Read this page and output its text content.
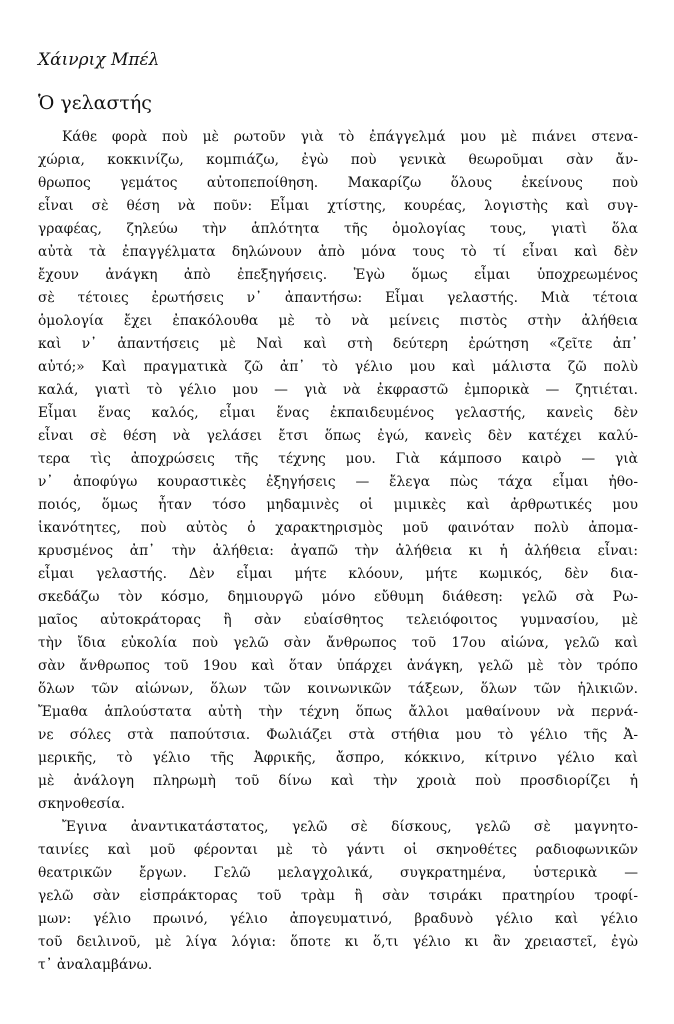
Χάινριχ Μπέλ
Ὁ γελαστής
Κάθε φορὰ ποὺ μὲ ρωτοῦν γιὰ τὸ ἐπάγγελμά μου μὲ πιάνει στενα-
χώρια, κοκκινίζω, κομπιάζω, ἐγὼ ποὺ γενικὰ θεωροῦμαι σὰν ἄν-
θρωπος γεμάτος αὐτοπεποίθηση. Μακαρίζω ὅλους ἐκείνους ποὺ
εἶναι σὲ θέση νὰ ποῦν: Εἶμαι χτίστης, κουρέας, λογιστὴς καὶ συγ-
γραφέας, ζηλεύω τὴν ἁπλότητα τῆς ὁμολογίας τους, γιατὶ ὅλα
αὐτὰ τὰ ἐπαγγέλματα δηλώνουν ἀπὸ μόνα τους τὸ τί εἶναι καὶ δὲν
ἔχουν ἀνάγκη ἀπὸ ἐπεξηγήσεις. Ἐγὼ ὅμως εἶμαι ὑποχρεωμένος
σὲ τέτοιες ἐρωτήσεις ν᾽ ἀπαντήσω: Εἶμαι γελαστής. Μιὰ τέτοια
ὁμολογία ἔχει ἐπακόλουθα μὲ τὸ νὰ μείνεις πιστὸς στὴν ἀλήθεια
καὶ ν᾽ ἀπαντήσεις μὲ Ναὶ καὶ στὴ δεύτερη ἐρώτηση «ζεῖτε ἀπ᾽
αὐτό;» Καὶ πραγματικὰ ζῶ ἀπ᾽ τὸ γέλιο μου καὶ μάλιστα ζῶ πολὺ
καλά, γιατὶ τὸ γέλιο μου — γιὰ νὰ ἐκφραστῶ ἐμπορικὰ — ζητιέται.
Εἶμαι ἕνας καλός, εἶμαι ἕνας ἐκπαιδευμένος γελαστής, κανεὶς δὲν
εἶναι σὲ θέση νὰ γελάσει ἔτσι ὅπως ἐγώ, κανεὶς δὲν κατέχει καλύ-
τερα τὶς ἀποχρώσεις τῆς τέχνης μου. Γιὰ κάμποσο καιρὸ — γιὰ
ν᾽ ἀποφύγω κουραστικὲς ἐξηγήσεις — ἔλεγα πὼς τάχα εἶμαι ἠθο-
ποιός, ὅμως ἦταν τόσο μηδαμινὲς οἱ μιμικὲς καὶ ἀρθρωτικές μου
ἱκανότητες, ποὺ αὐτὸς ὁ χαρακτηρισμὸς μοῦ φαινόταν πολὺ ἀπομα-
κρυσμένος ἀπ᾽ τὴν ἀλήθεια: ἀγαπῶ τὴν ἀλήθεια κι ἡ ἀλήθεια εἶναι:
εἶμαι γελαστής. Δὲν εἶμαι μήτε κλόουν, μήτε κωμικός, δὲν δια-
σκεδάζω τὸν κόσμο, δημιουργῶ μόνο εὔθυμη διάθεση: γελῶ σὰ Ρω-
μαῖος αὐτοκράτορας ἢ σὰν εὐαίσθητος τελειόφοιτος γυμνασίου, μὲ
τὴν ἴδια εὐκολία ποὺ γελῶ σὰν ἄνθρωπος τοῦ 17ου αἰώνα, γελῶ καὶ
σὰν ἄνθρωπος τοῦ 19ου καὶ ὅταν ὑπάρχει ἀνάγκη, γελῶ μὲ τὸν τρόπο
ὅλων τῶν αἰώνων, ὅλων τῶν κοινωνικῶν τάξεων, ὅλων τῶν ἡλικιῶν.
Ἔμαθα ἁπλούστατα αὐτὴ τὴν τέχνη ὅπως ἄλλοι μαθαίνουν νὰ περνά-
νε σόλες στὰ παπούτσια. Φωλιάζει στὰ στήθια μου τὸ γέλιο τῆς Ἀ-
μερικῆς, τὸ γέλιο τῆς Ἀφρικῆς, ἄσπρο, κόκκινο, κίτρινο γέλιο καὶ
μὲ ἀνάλογη πληρωμὴ τοῦ δίνω καὶ τὴν χροιὰ ποὺ προσδιορίζει ἡ
σκηνοθεσία.
Ἔγινα ἀναντικατάστατος, γελῶ σὲ δίσκους, γελῶ σὲ μαγνητο-
ταινίες καὶ μοῦ φέρονται μὲ τὸ γάντι οἱ σκηνοθέτες ραδιοφωνικῶν
θεατρικῶν ἔργων. Γελῶ μελαγχολικά, συγκρατημένα, ὑστερικὰ —
γελῶ σὰν εἰσπράκτορας τοῦ τρὰμ ἢ σὰν τσιράκι πρατηρίου τροφί-
μων: γέλιο πρωινό, γέλιο ἀπογευματινό, βραδυνὸ γέλιο καὶ γέλιο
τοῦ δειλινοῦ, μὲ λίγα λόγια: ὅποτε κι ὅ,τι γέλιο κι ἂν χρειαστεῖ, ἐγὼ
τ᾽ ἀναλαμβάνω.
